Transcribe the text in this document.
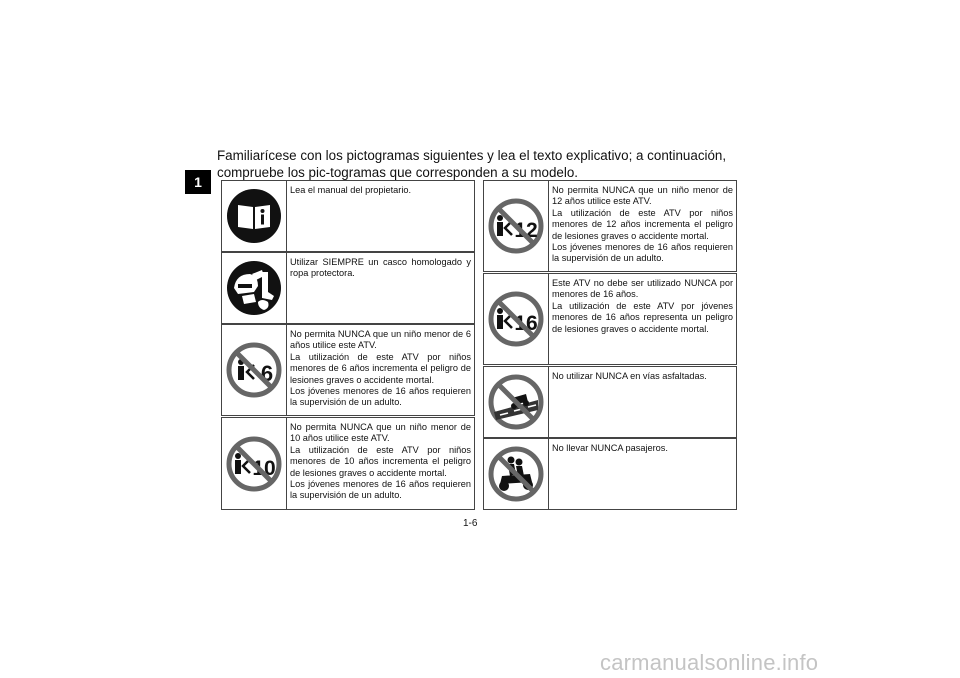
1
Familiarícese con los pictogramas siguientes y lea el texto explicativo; a continuación, compruebe los pic-togramas que corresponden a su modelo.
Lea el manual del propietario.
Utilizar SIEMPRE un casco homologado y ropa protectora.
6
No permita NUNCA que un niño menor de 6 años utilice este ATV.
La utilización de este ATV por niños menores de 6 años incrementa el peligro de lesiones graves o accidente mortal.
Los jóvenes menores de 16 años requieren la supervisión de un adulto.
10
No permita NUNCA que un niño menor de 10 años utilice este ATV.
La utilización de este ATV por niños menores de 10 años incrementa el peligro de lesiones graves o accidente mortal.
Los jóvenes menores de 16 años requieren la supervisión de un adulto.
12
No permita NUNCA que un niño menor de 12 años utilice este ATV.
La utilización de este ATV por niños menores de 12 años incrementa el peligro de lesiones graves o accidente mortal.
Los jóvenes menores de 16 años requieren la supervisión de un adulto.
16
Este ATV no debe ser utilizado NUNCA por menores de 16 años.
La utilización de este ATV por jóvenes menores de 16 años representa un peligro de lesiones graves o accidente mortal.
No utilizar NUNCA en vías asfaltadas.
No llevar NUNCA pasajeros.
1-6
carmanualsonline.info
